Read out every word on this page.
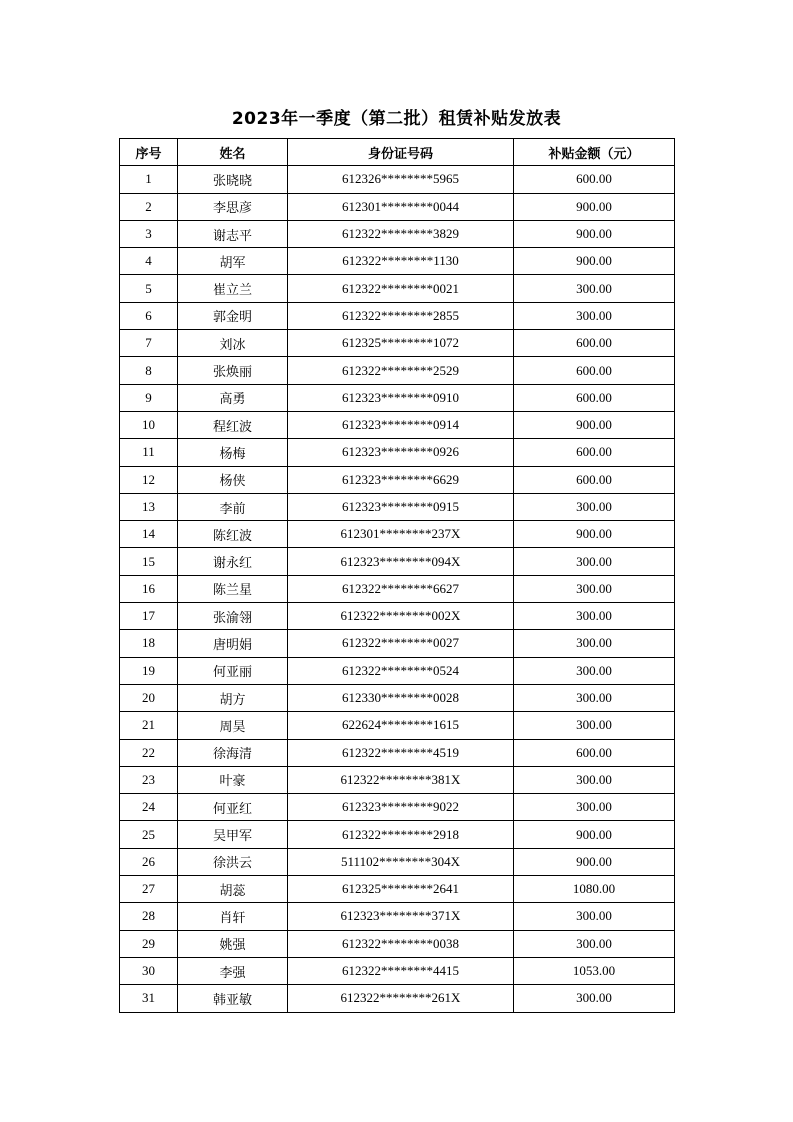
2023年一季度（第二批）租赁补贴发放表
序号	姓名	身份证号码	补贴金额（元）
1	张晓晓	612326********5965	600.00
2	李思彦	612301********0044	900.00
3	谢志平	612322********3829	900.00
4	胡军	612322********1130	900.00
5	崔立兰	612322********0021	300.00
6	郭金明	612322********2855	300.00
7	刘冰	612325********1072	600.00
8	张焕丽	612322********2529	600.00
9	高勇	612323********0910	600.00
10	程红波	612323********0914	900.00
11	杨梅	612323********0926	600.00
12	杨侠	612323********6629	600.00
13	李前	612323********0915	300.00
14	陈红波	612301********237X	900.00
15	谢永红	612323********094X	300.00
16	陈兰星	612322********6627	300.00
17	张渝翎	612322********002X	300.00
18	唐明娟	612322********0027	300.00
19	何亚丽	612322********0524	300.00
20	胡方	612330********0028	300.00
21	周昊	622624********1615	300.00
22	徐海清	612322********4519	600.00
23	叶豪	612322********381X	300.00
24	何亚红	612323********9022	300.00
25	吴甲军	612322********2918	900.00
26	徐洪云	511102********304X	900.00
27	胡蕊	612325********2641	1080.00
28	肖轩	612323********371X	300.00
29	姚强	612322********0038	300.00
30	李强	612322********4415	1053.00
31	韩亚敏	612322********261X	300.00
